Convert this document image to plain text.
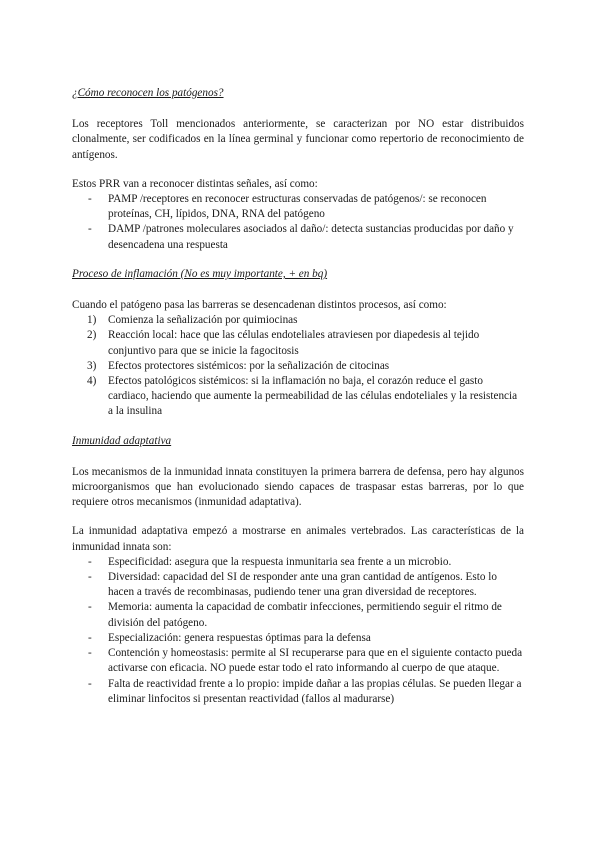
¿Cómo reconocen los patógenos?

Los receptores Toll mencionados anteriormente, se caracterizan por NO estar distribuidos clonalmente, ser codificados en la línea germinal y funcionar como repertorio de reconocimiento de antígenos.

Estos PRR van a reconocer distintas señales, así como:

- PAMP /receptores en reconocer estructuras conservadas de patógenos/: se reconocen proteínas, CH, lípidos, DNA, RNA del patógeno
- DAMP /patrones moleculares asociados al daño/: detecta sustancias producidas por daño y desencadena una respuesta

Proceso de inflamación (No es muy importante, + en bq)

Cuando el patógeno pasa las barreras se desencadenan distintos procesos, así como:

1) Comienza la señalización por quimiocinas
2) Reacción local: hace que las células endoteliales atraviesen por diapedesis al tejido conjuntivo para que se inicie la fagocitosis
3) Efectos protectores sistémicos: por la señalización de citocinas
4) Efectos patológicos sistémicos: si la inflamación no baja, el corazón reduce el gasto cardiaco, haciendo que aumente la permeabilidad de las células endoteliales y la resistencia a la insulina

Inmunidad adaptativa

Los mecanismos de la inmunidad innata constituyen la primera barrera de defensa, pero hay algunos microorganismos que han evolucionado siendo capaces de traspasar estas barreras, por lo que requiere otros mecanismos (inmunidad adaptativa).

La inmunidad adaptativa empezó a mostrarse en animales vertebrados. Las características de la inmunidad innata son:

- Especificidad: asegura que la respuesta inmunitaria sea frente a un microbio.
- Diversidad: capacidad del SI de responder ante una gran cantidad de antígenos. Esto lo hacen a través de recombinasas, pudiendo tener una gran diversidad de receptores.
- Memoria: aumenta la capacidad de combatir infecciones, permitiendo seguir el ritmo de división del patógeno.
- Especialización: genera respuestas óptimas para la defensa
- Contención y homeostasis: permite al SI recuperarse para que en el siguiente contacto pueda activarse con eficacia. NO puede estar todo el rato informando al cuerpo de que ataque.
- Falta de reactividad frente a lo propio: impide dañar a las propias células. Se pueden llegar a eliminar linfocitos si presentan reactividad (fallos al madurarse)
